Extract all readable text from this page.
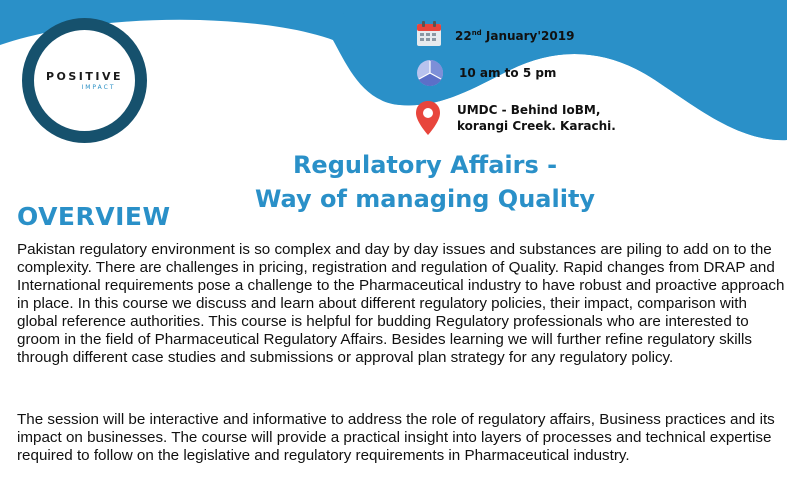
POSITIVE
IMPACT
22nd January'2019
10 am to 5 pm
UMDC - Behind IoBM,
korangi Creek. Karachi.
Regulatory Affairs -
Way of managing Quality
OVERVIEW

Pakistan regulatory environment is so complex and day by day issues and substances are piling to add on to the complexity. There are challenges in pricing, registration and regulation of Quality. Rapid changes from DRAP and International requirements pose a challenge to the Pharmaceutical industry to have robust and proactive approach in place. In this course we discuss and learn about different regulatory policies, their impact, comparison with global reference authorities. This course is helpful for budding Regulatory professionals who are interested to groom in the field of Pharmaceutical Regulatory Affairs. Besides learning we will further refine regulatory skills through different case studies and submissions or approval plan strategy for any regulatory policy.

The session will be interactive and informative to address the role of regulatory affairs, Business practices and its impact on businesses. The course will provide a practical insight into layers of processes and technical expertise required to follow on the legislative and regulatory requirements in Pharmaceutical industry.
